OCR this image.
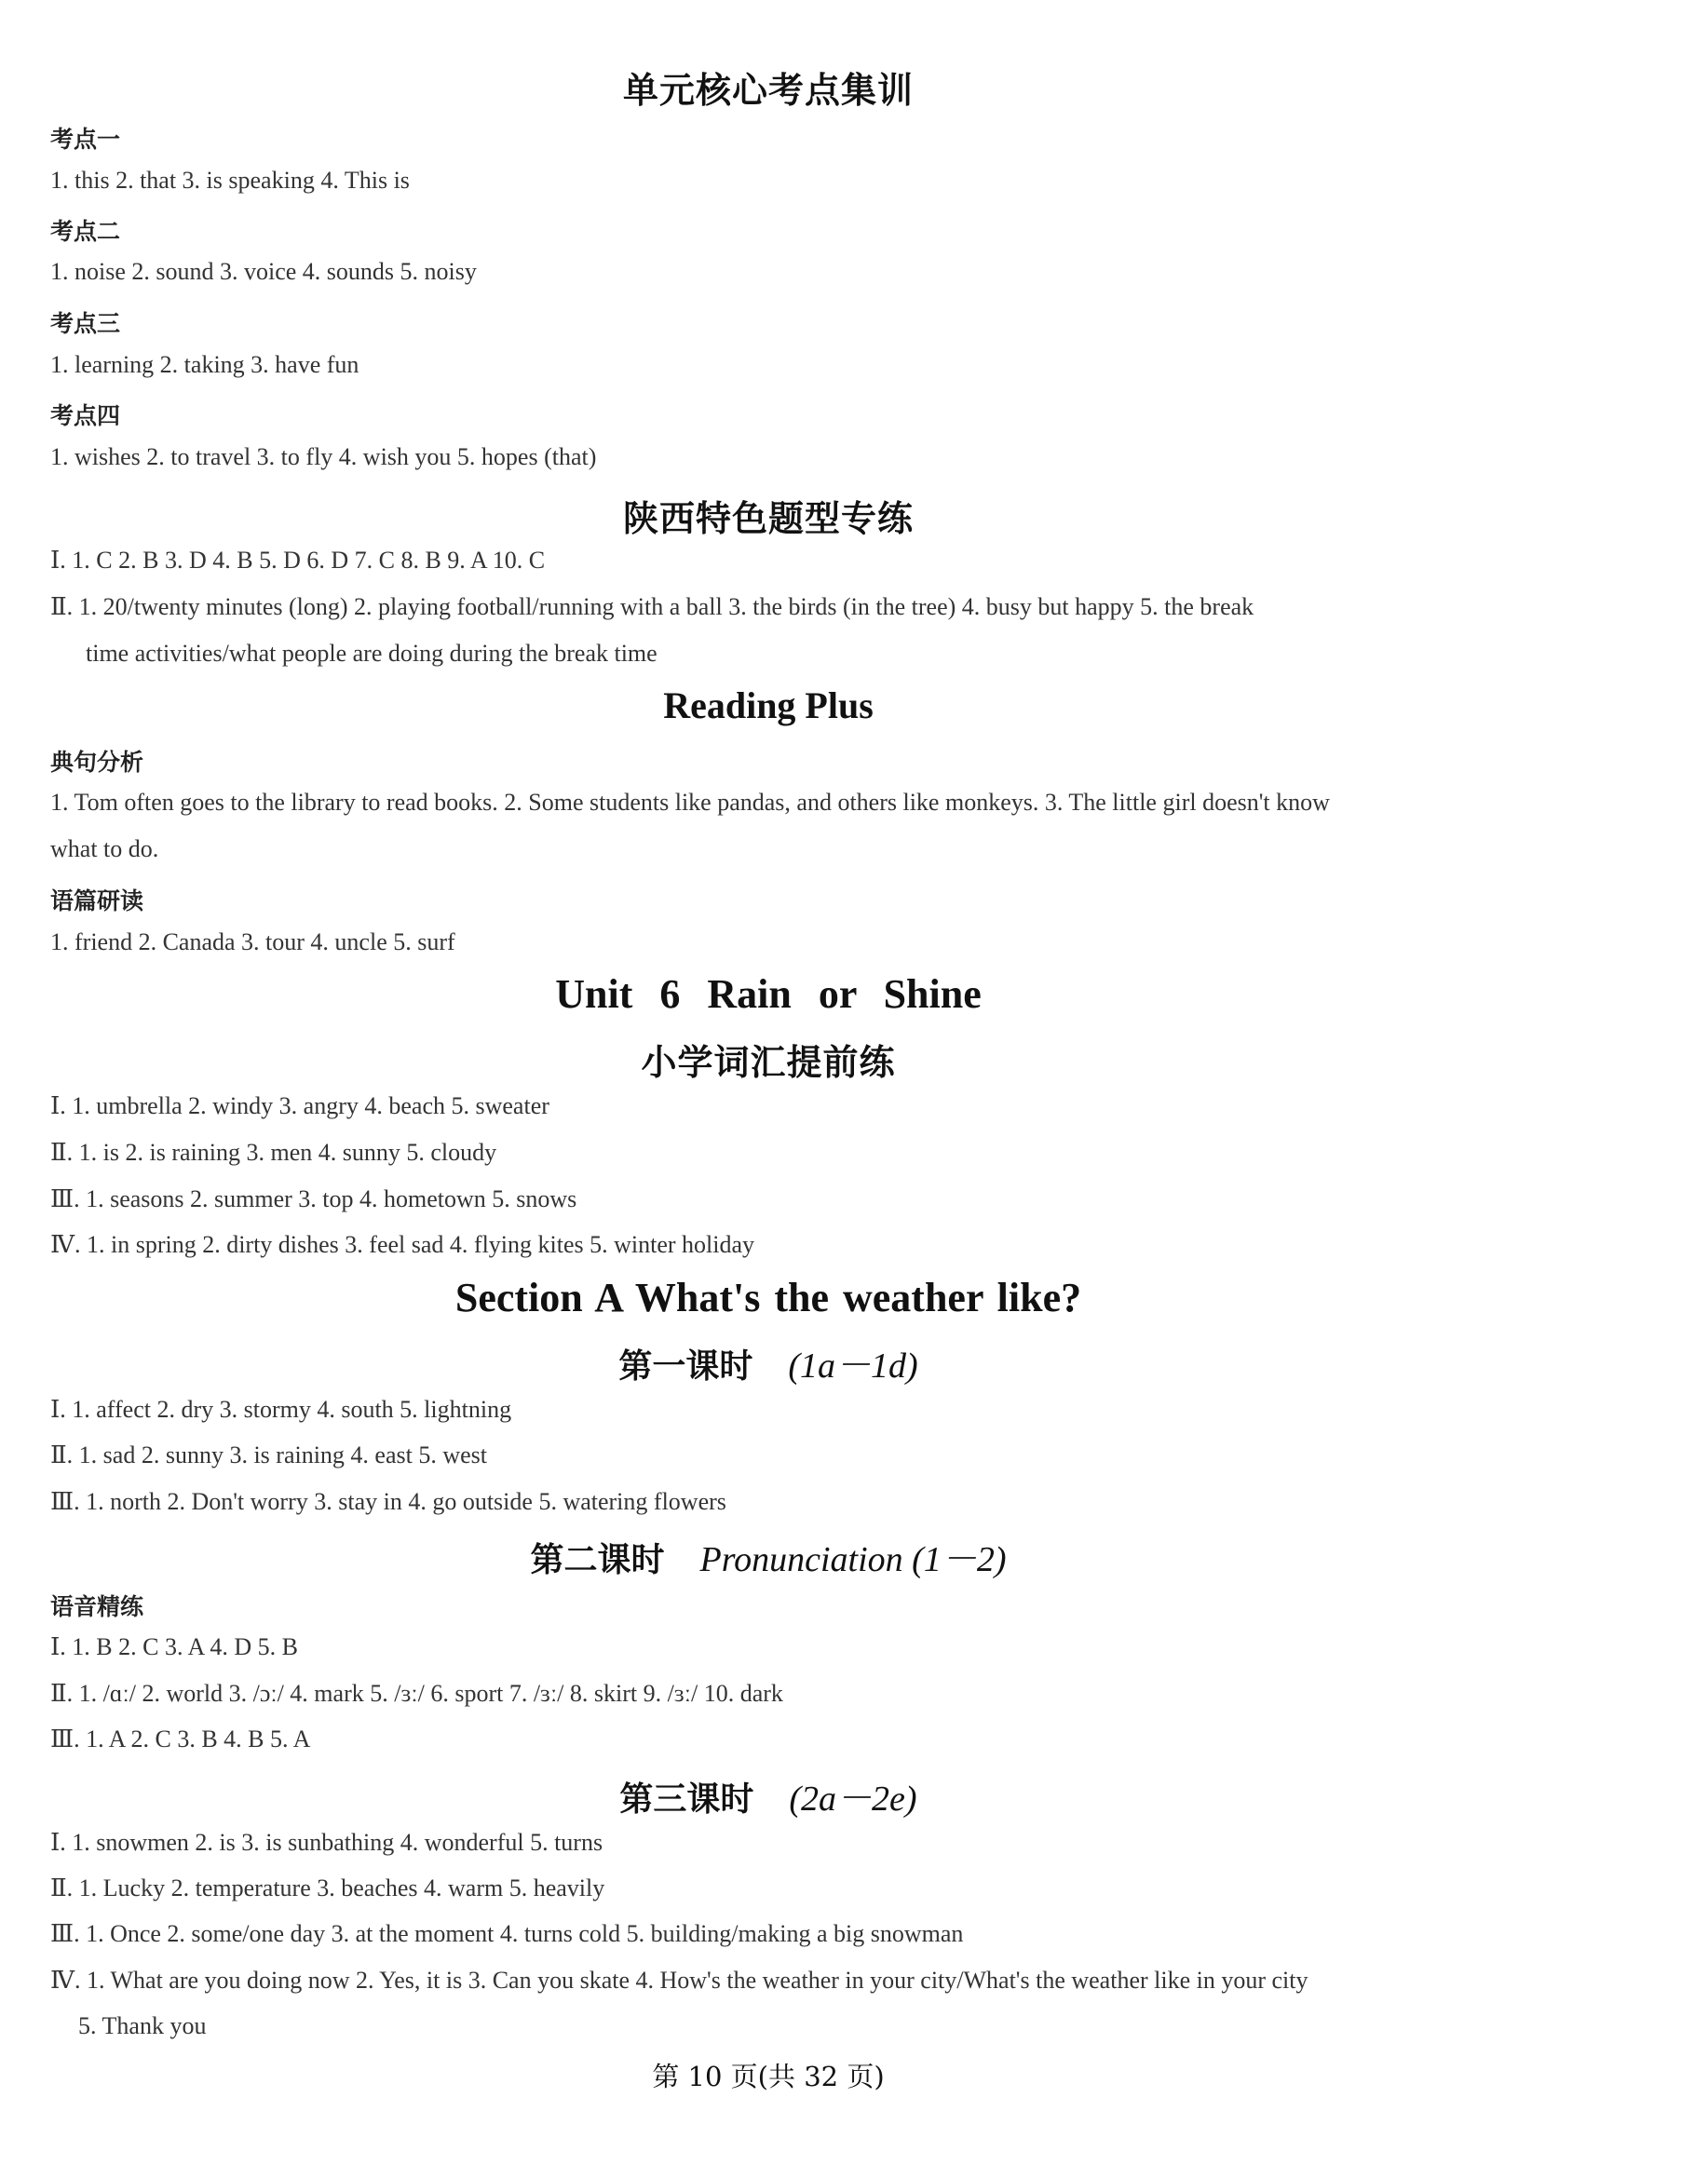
单元核心考点集训
考点一
1. this 2. that 3. is speaking 4. This is
考点二
1. noise 2. sound 3. voice 4. sounds 5. noisy
考点三
1. learning 2. taking 3. have fun
考点四
1. wishes 2. to travel 3. to fly 4. wish you 5. hopes (that)
陕西特色题型专练
Ⅰ. 1. C 2. B 3. D 4. B 5. D 6. D 7. C 8. B 9. A 10. C
Ⅱ. 1. 20/twenty minutes (long) 2. playing football/running with a ball 3. the birds (in the tree) 4. busy but happy 5. the break
time activities/what people are doing during the break time
Reading Plus
典句分析
1. Tom often goes to the library to read books. 2. Some students like pandas, and others like monkeys. 3. The little girl doesn't know
what to do.
语篇研读
1. friend 2. Canada 3. tour 4. uncle 5. surf
Unit 6 Rain or Shine
小学词汇提前练
Ⅰ. 1. umbrella 2. windy 3. angry 4. beach 5. sweater
Ⅱ. 1. is 2. is raining 3. men 4. sunny 5. cloudy
Ⅲ. 1. seasons 2. summer 3. top 4. hometown 5. snows
Ⅳ. 1. in spring 2. dirty dishes 3. feel sad 4. flying kites 5. winter holiday
Section A What's the weather like?
第一课时 (1a－1d)
Ⅰ. 1. affect 2. dry 3. stormy 4. south 5. lightning
Ⅱ. 1. sad 2. sunny 3. is raining 4. east 5. west
Ⅲ. 1. north 2. Don't worry 3. stay in 4. go outside 5. watering flowers
第二课时 Pronunciation (1－2)
语音精练
Ⅰ. 1. B 2. C 3. A 4. D 5. B
Ⅱ. 1. /ɑː/ 2. world 3. /ɔː/ 4. mark 5. /ɜː/ 6. sport 7. /ɜː/ 8. skirt 9. /ɜː/ 10. dark
Ⅲ. 1. A 2. C 3. B 4. B 5. A
第三课时 (2a－2e)
Ⅰ. 1. snowmen 2. is 3. is sunbathing 4. wonderful 5. turns
Ⅱ. 1. Lucky 2. temperature 3. beaches 4. warm 5. heavily
Ⅲ. 1. Once 2. some/one day 3. at the moment 4. turns cold 5. building/making a big snowman
Ⅳ. 1. What are you doing now 2. Yes, it is 3. Can you skate 4. How's the weather in your city/What's the weather like in your city
5. Thank you
第 10 页(共 32 页)
